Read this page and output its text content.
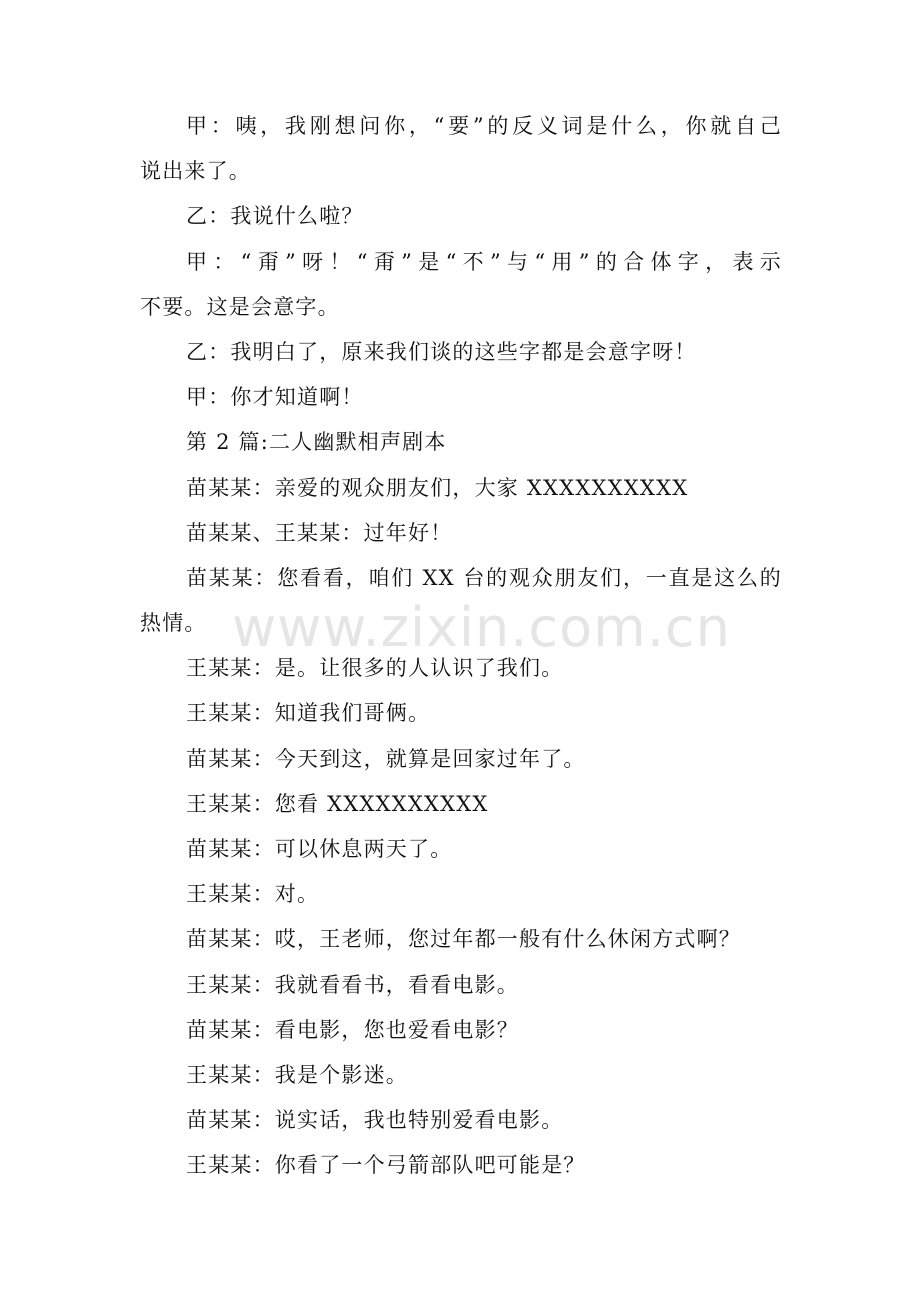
甲：咦，我刚想问你，“要”的反义词是什么，你就自己
说出来了。
乙：我说什么啦？
甲：“甭”呀！“甭”是“不”与“用”的合体字，表示
不要。这是会意字。
乙：我明白了，原来我们谈的这些字都是会意字呀！
甲：你才知道啊！
第 2 篇:二人幽默相声剧本
苗某某：亲爱的观众朋友们，大家 XXXXXXXXXX
苗某某、王某某：过年好！
苗某某：您看看，咱们 XX 台的观众朋友们，一直是这么的
热情。
王某某：是。让很多的人认识了我们。
王某某：知道我们哥俩。
苗某某：今天到这，就算是回家过年了。
王某某：您看 XXXXXXXXXX
苗某某：可以休息两天了。
王某某：对。
苗某某：哎，王老师，您过年都一般有什么休闲方式啊？
王某某：我就看看书，看看电影。
苗某某：看电影，您也爱看电影？
王某某：我是个影迷。
苗某某：说实话，我也特别爱看电影。
王某某：你看了一个弓箭部队吧可能是？
www.zixin.com.cn
